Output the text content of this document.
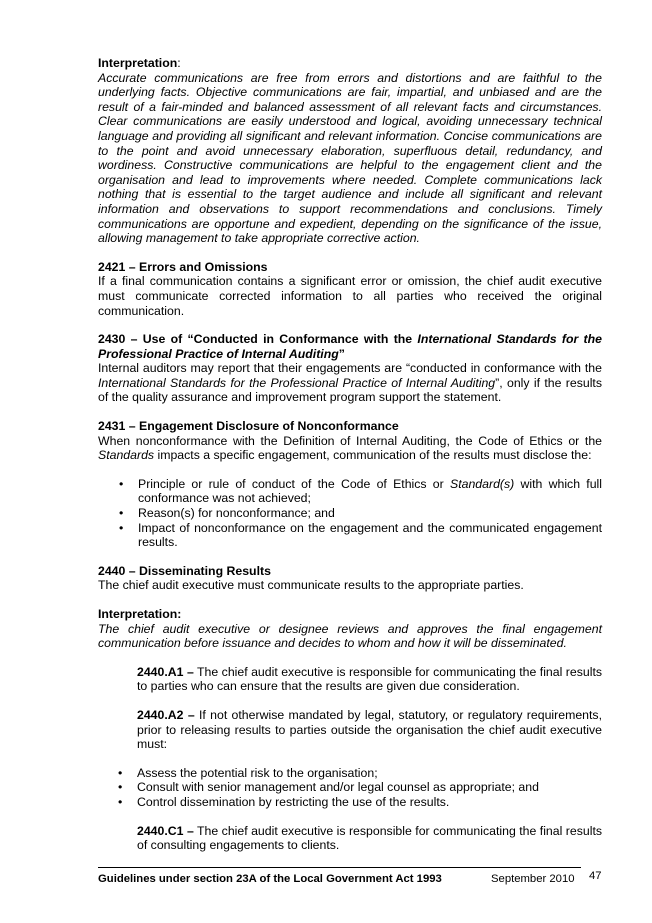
Interpretation:

Accurate communications are free from errors and distortions and are faithful to the underlying facts. Objective communications are fair, impartial, and unbiased and are the result of a fair-minded and balanced assessment of all relevant facts and circumstances. Clear communications are easily understood and logical, avoiding unnecessary technical language and providing all significant and relevant information. Concise communications are to the point and avoid unnecessary elaboration, superfluous detail, redundancy, and wordiness. Constructive communications are helpful to the engagement client and the organisation and lead to improvements where needed. Complete communications lack nothing that is essential to the target audience and include all significant and relevant information and observations to support recommendations and conclusions. Timely communications are opportune and expedient, depending on the significance of the issue, allowing management to take appropriate corrective action.

2421 – Errors and Omissions

If a final communication contains a significant error or omission, the chief audit executive must communicate corrected information to all parties who received the original communication.

2430 – Use of “Conducted in Conformance with the International Standards for the Professional Practice of Internal Auditing”

Internal auditors may report that their engagements are “conducted in conformance with the International Standards for the Professional Practice of Internal Auditing”, only if the results of the quality assurance and improvement program support the statement.

2431 – Engagement Disclosure of Nonconformance

When nonconformance with the Definition of Internal Auditing, the Code of Ethics or the Standards impacts a specific engagement, communication of the results must disclose the:

• Principle or rule of conduct of the Code of Ethics or Standard(s) with which full conformance was not achieved;
• Reason(s) for nonconformance; and
• Impact of nonconformance on the engagement and the communicated engagement results.

2440 – Disseminating Results

The chief audit executive must communicate results to the appropriate parties.

Interpretation:

The chief audit executive or designee reviews and approves the final engagement communication before issuance and decides to whom and how it will be disseminated.

2440.A1 – The chief audit executive is responsible for communicating the final results to parties who can ensure that the results are given due consideration.

2440.A2 – If not otherwise mandated by legal, statutory, or regulatory requirements, prior to releasing results to parties outside the organisation the chief audit executive must:

• Assess the potential risk to the organisation;
• Consult with senior management and/or legal counsel as appropriate; and
• Control dissemination by restricting the use of the results.

2440.C1 – The chief audit executive is responsible for communicating the final results of consulting engagements to clients.

Guidelines under section 23A of the Local Government Act 1993	September 2010 47
